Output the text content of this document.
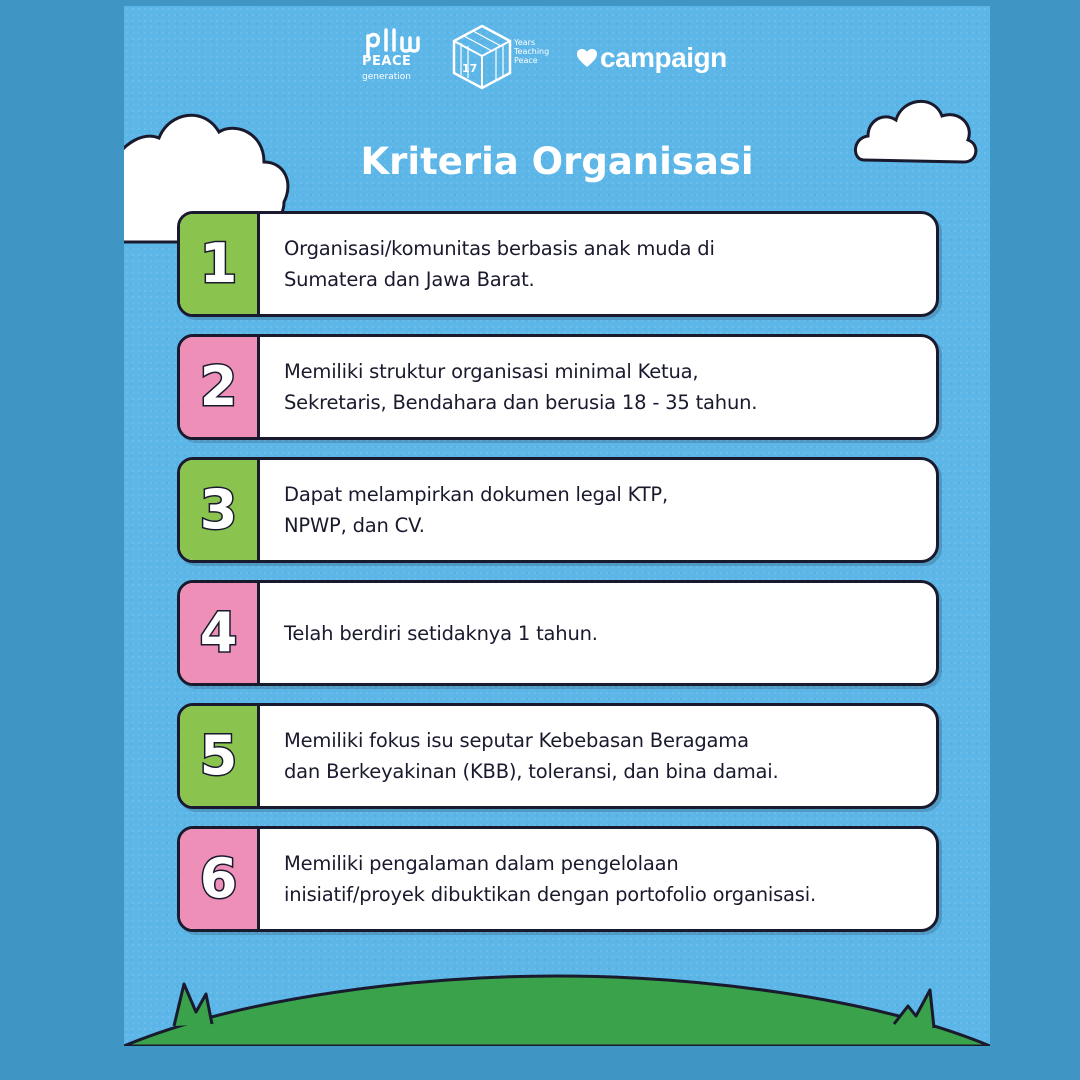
PEACE
generation
17
Years
Teaching
Peace	campaign
Kriteria Organisasi
1 Organisasi/komunitas berbasis anak muda di
Sumatera dan Jawa Barat.
2 Memiliki struktur organisasi minimal Ketua,
Sekretaris, Bendahara dan berusia 18 - 35 tahun.
3 Dapat melampirkan dokumen legal KTP,
NPWP, dan CV.
4 Telah berdiri setidaknya 1 tahun.
5 Memiliki fokus isu seputar Kebebasan Beragama
dan Berkeyakinan (KBB), toleransi, dan bina damai.
6 Memiliki pengalaman dalam pengelolaan
inisiatif/proyek dibuktikan dengan portofolio organisasi.
